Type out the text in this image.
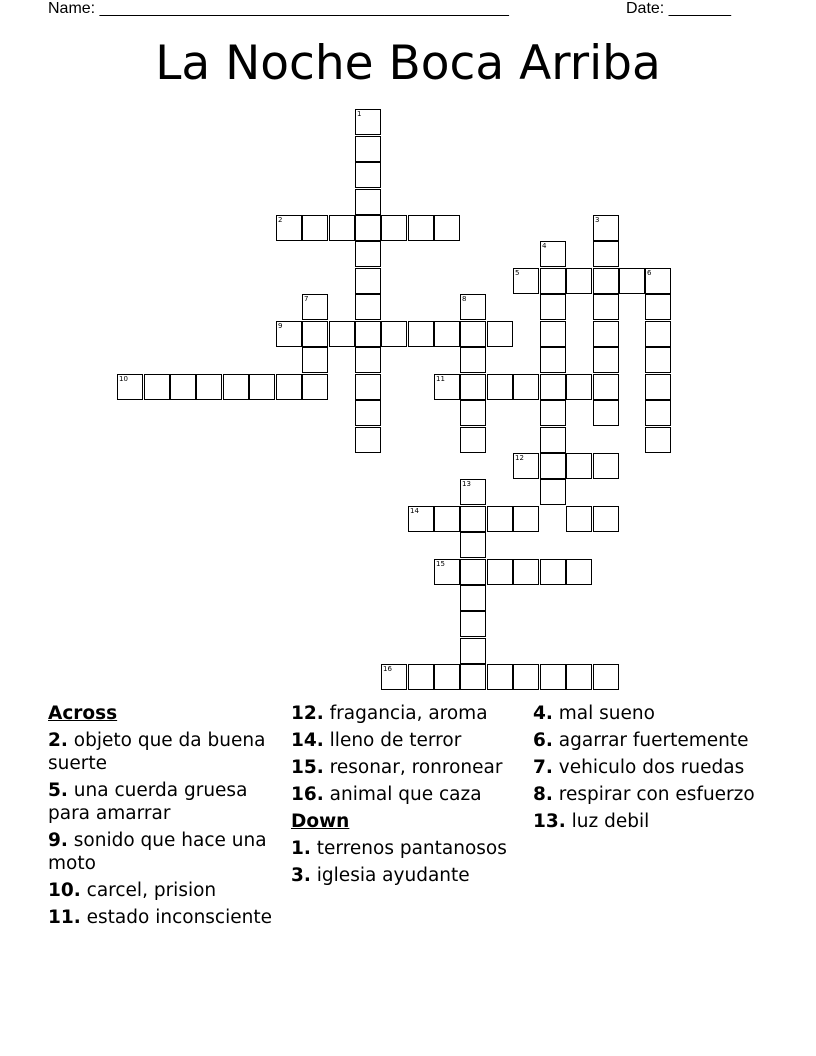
Name: ______________________________________________	Date: _______
La Noche Boca Arriba
1
2	3
4
5	6
7	8
9
10	11
12
13
14
15
16
Across
2. objeto que da buena suerte
5. una cuerda gruesa para amarrar
9. sonido que hace una moto
10. carcel, prision
11. estado inconsciente
12. fragancia, aroma
14. lleno de terror
15. resonar, ronronear
16. animal que caza
Down
1. terrenos pantanosos
3. iglesia ayudante
4. mal sueno
6. agarrar fuertemente
7. vehiculo dos ruedas
8. respirar con esfuerzo
13. luz debil
